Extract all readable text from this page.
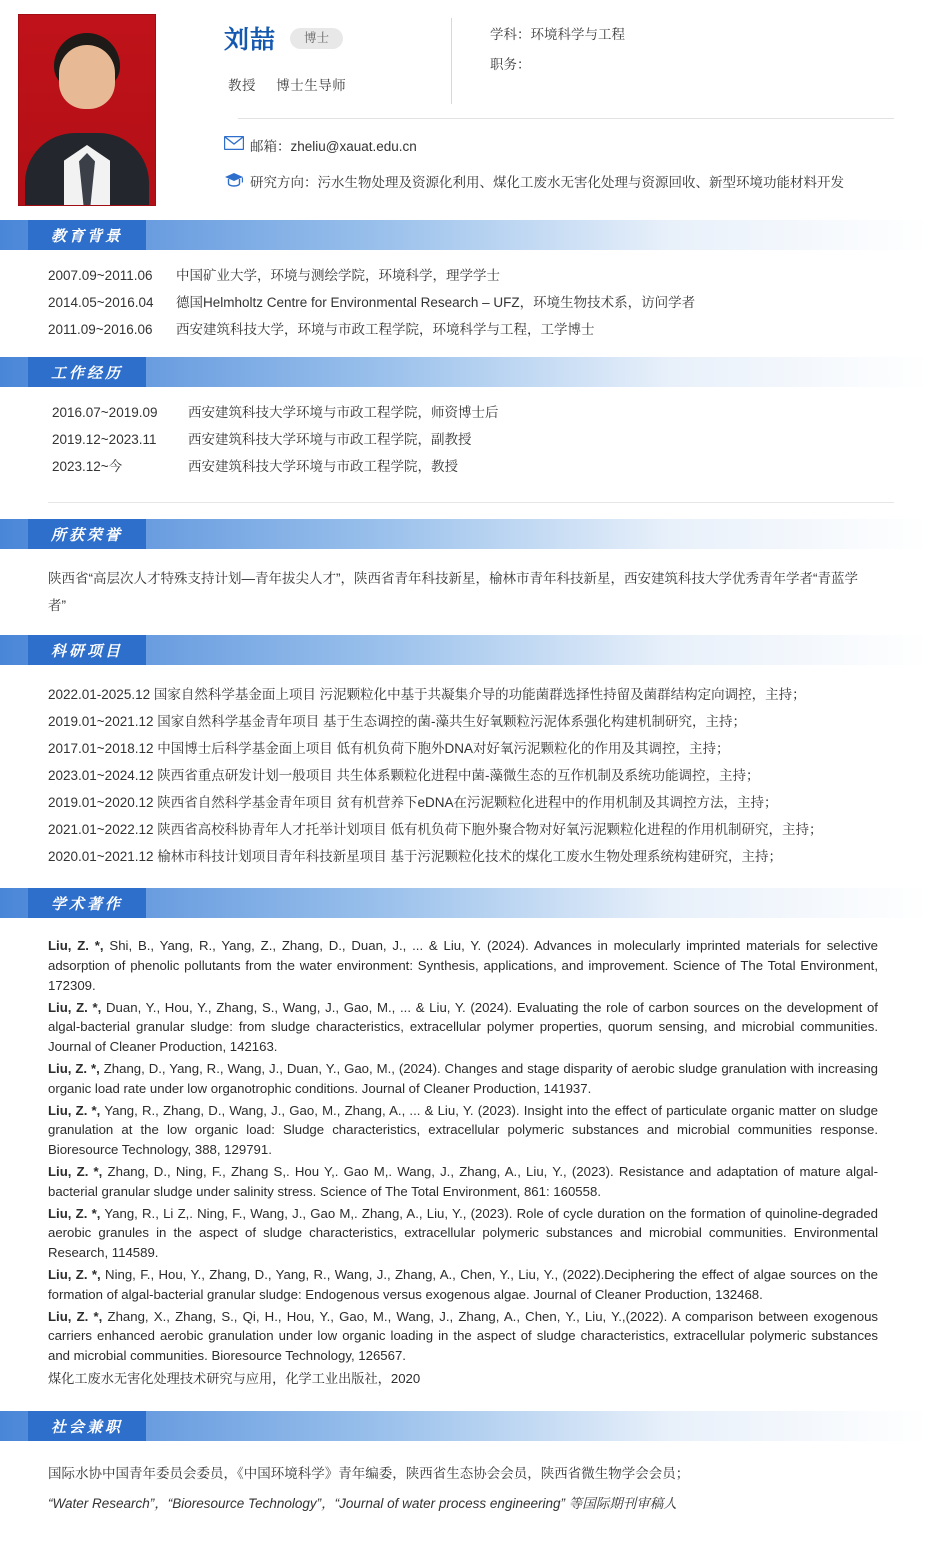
刘喆	博士
教授 博士生导师
学科：环境科学与工程
职务：
邮箱：zheliu@xauat.edu.cn
研究方向：污水生物处理及资源化利用、煤化工废水无害化处理与资源回收、新型环境功能材料开发
教育背景
2007.09~2011.06 中国矿业大学，环境与测绘学院，环境科学，理学学士
2014.05~2016.04 德国Helmholtz Centre for Environmental Research – UFZ，环境生物技术系，访问学者
2011.09~2016.06 西安建筑科技大学，环境与市政工程学院，环境科学与工程，工学博士
工作经历
2016.07~2019.09 西安建筑科技大学环境与市政工程学院，师资博士后
2019.12~2023.11 西安建筑科技大学环境与市政工程学院，副教授
2023.12~今	西安建筑科技大学环境与市政工程学院，教授
所获荣誉
陕西省“高层次人才特殊支持计划—青年拔尖人才”，陕西省青年科技新星，榆林市青年科技新星，西安建筑科技大学优秀青年学者“青蓝学者”
科研项目
2022.01-2025.12 国家自然科学基金面上项目 污泥颗粒化中基于共凝集介导的功能菌群选择性持留及菌群结构定向调控，主持；
2019.01~2021.12 国家自然科学基金青年项目 基于生态调控的菌-藻共生好氧颗粒污泥体系强化构建机制研究，主持；
2017.01~2018.12 中国博士后科学基金面上项目 低有机负荷下胞外DNA对好氧污泥颗粒化的作用及其调控，主持；
2023.01~2024.12 陕西省重点研发计划一般项目 共生体系颗粒化进程中菌-藻微生态的互作机制及系统功能调控，主持；
2019.01~2020.12 陕西省自然科学基金青年项目 贫有机营养下eDNA在污泥颗粒化进程中的作用机制及其调控方法，主持；
2021.01~2022.12 陕西省高校科协青年人才托举计划项目 低有机负荷下胞外聚合物对好氧污泥颗粒化进程的作用机制研究，主持；
2020.01~2021.12 榆林市科技计划项目青年科技新星项目 基于污泥颗粒化技术的煤化工废水生物处理系统构建研究，主持；
学术著作
Liu, Z. *, Shi, B., Yang, R., Yang, Z., Zhang, D., Duan, J., ... & Liu, Y. (2024). Advances in molecularly imprinted materials for selective adsorption of phenolic pollutants from the water environment: Synthesis, applications, and improvement. Science of The Total Environment, 172309.
Liu, Z. *, Duan, Y., Hou, Y., Zhang, S., Wang, J., Gao, M., ... & Liu, Y. (2024). Evaluating the role of carbon sources on the development of algal-bacterial granular sludge: from sludge characteristics, extracellular polymer properties, quorum sensing, and microbial communities. Journal of Cleaner Production, 142163.
Liu, Z. *, Zhang, D., Yang, R., Wang, J., Duan, Y., Gao, M., (2024). Changes and stage disparity of aerobic sludge granulation with increasing organic load rate under low organotrophic conditions. Journal of Cleaner Production, 141937.
Liu, Z. *, Yang, R., Zhang, D., Wang, J., Gao, M., Zhang, A., ... & Liu, Y. (2023). Insight into the effect of particulate organic matter on sludge granulation at the low organic load: Sludge characteristics, extracellular polymeric substances and microbial communities response. Bioresource Technology, 388, 129791.
Liu, Z. *, Zhang, D., Ning, F., Zhang S,. Hou Y,. Gao M,. Wang, J., Zhang, A., Liu, Y., (2023). Resistance and adaptation of mature algal-bacterial granular sludge under salinity stress. Science of The Total Environment, 861: 160558.
Liu, Z. *, Yang, R., Li Z,. Ning, F., Wang, J., Gao M,. Zhang, A., Liu, Y., (2023). Role of cycle duration on the formation of quinoline-degraded aerobic granules in the aspect of sludge characteristics, extracellular polymeric substances and microbial communities. Environmental Research, 114589.
Liu, Z. *, Ning, F., Hou, Y., Zhang, D., Yang, R., Wang, J., Zhang, A., Chen, Y., Liu, Y., (2022).Deciphering the effect of algae sources on the formation of algal-bacterial granular sludge: Endogenous versus exogenous algae. Journal of Cleaner Production, 132468.
Liu, Z. *, Zhang, X., Zhang, S., Qi, H., Hou, Y., Gao, M., Wang, J., Zhang, A., Chen, Y., Liu, Y.,(2022). A comparison between exogenous carriers enhanced aerobic granulation under low organic loading in the aspect of sludge characteristics, extracellular polymeric substances and microbial communities. Bioresource Technology, 126567.
煤化工废水无害化处理技术研究与应用，化学工业出版社，2020
社会兼职
国际水协中国青年委员会委员，《中国环境科学》青年编委，陕西省生态协会会员，陕西省微生物学会会员；
“Water Research”，“Bioresource Technology”，“Journal of water process engineering” 等国际期刊审稿人
